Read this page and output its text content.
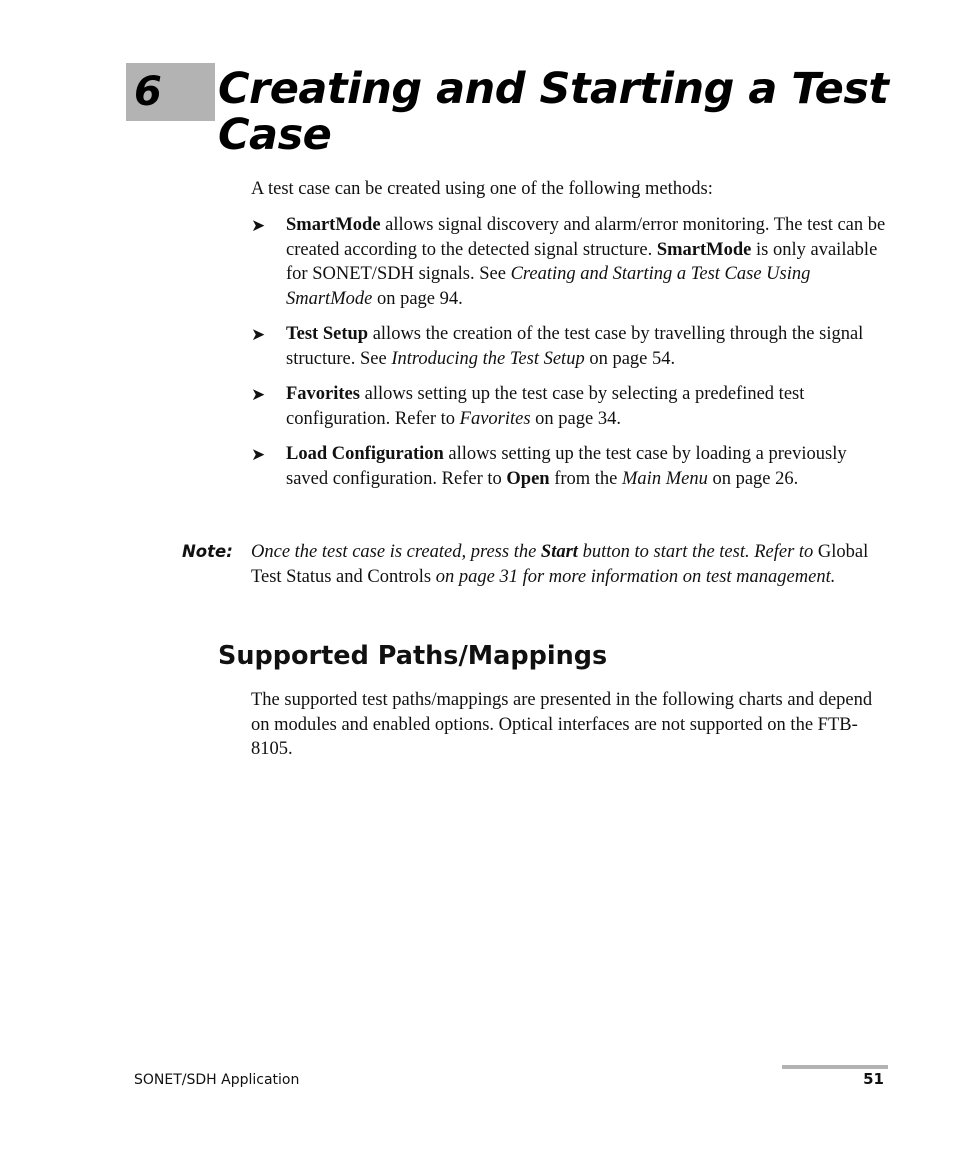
6 Creating and Starting a Test Case

A test case can be created using one of the following methods:

➤ SmartMode allows signal discovery and alarm/error monitoring. The test can be created according to the detected signal structure. SmartMode is only available for SONET/SDH signals. See Creating and Starting a Test Case Using SmartMode on page 94.
➤ Test Setup allows the creation of the test case by travelling through the signal structure. See Introducing the Test Setup on page 54.
➤ Favorites allows setting up the test case by selecting a predefined test configuration. Refer to Favorites on page 34.
➤ Load Configuration allows setting up the test case by loading a previously saved configuration. Refer to Open from the Main Menu on page 26.
Note: Once the test case is created, press the Start button to start the test. Refer to Global Test Status and Controls on page 31 for more information on test management.

Supported Paths/Mappings

The supported test paths/mappings are presented in the following charts and depend on modules and enabled options. Optical interfaces are not supported on the FTB-8105.

SONET/SDH Application	51
